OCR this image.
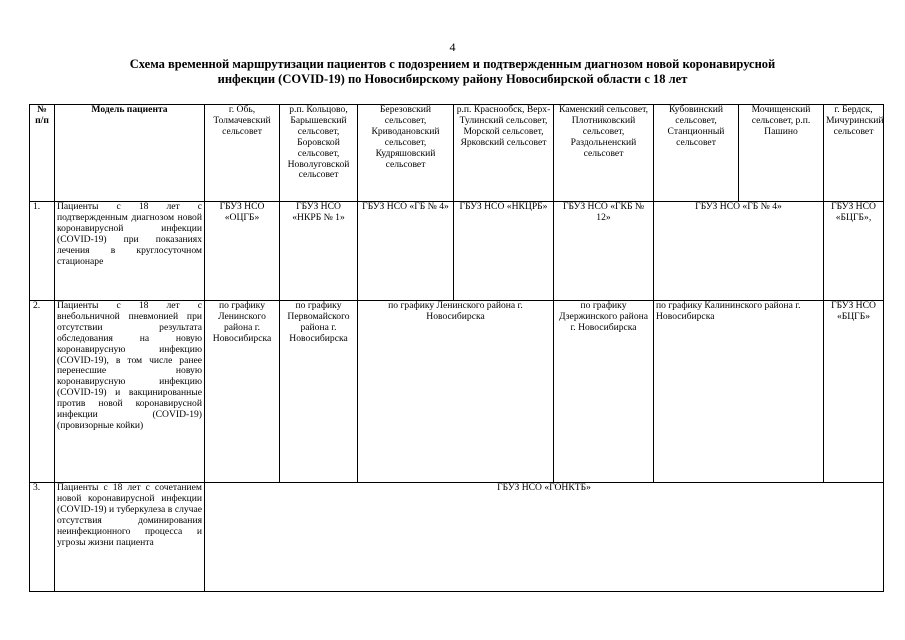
4
Схема временной маршрутизации пациентов с подозрением и подтвержденным диагнозом новой коронавирусной
инфекции (COVID-19) по Новосибирскому району Новосибирской области с 18 лет
№ п/п	Модель пациента	г. Обь, Толмачевский сельсовет	р.п. Кольцово, Барышевский сельсовет, Боровской сельсовет, Новолуговской сельсовет	Березовский сельсовет, Криводановский сельсовет, Кудряшовский сельсовет	р.п. Краснообск, Верх-Тулинский сельсовет, Морской сельсовет, Ярковский сельсовет	Каменский сельсовет, Плотниковский сельсовет, Раздольненский сельсовет	Кубовинский сельсовет, Станционный сельсовет	Мочищенский сельсовет, р.п. Пашино	г. Бердск, Мичуринский сельсовет
1.	Пациенты с 18 лет с подтвержденным диагнозом новой коронавирусной инфекции (COVID-19) при показаниях лечения в круглосуточном стационаре	ГБУЗ НСО «ОЦГБ»	ГБУЗ НСО «НКРБ № 1»	ГБУЗ НСО «ГБ № 4»	ГБУЗ НСО «НКЦРБ»	ГБУЗ НСО «ГКБ № 12»	ГБУЗ НСО «ГБ № 4»		ГБУЗ НСО «БЦГБ»,
2.	Пациенты с 18 лет с внебольничной пневмонией при отсутствии результата обследования на новую коронавирусную инфекцию (COVID-19), в том числе ранее перенесшие новую коронавирусную инфекцию (COVID-19) и вакцинированные против новой коронавирусной инфекции (COVID-19) (провизорные койки)	по графику Ленинского района г. Новосибирска	по графику Первомайского района г. Новосибирска	по графику Ленинского района г. Новосибирска		по графику Дзержинского района г. Новосибирска	по графику Калининского района г. Новосибирска		ГБУЗ НСО «БЦГБ»
3.	Пациенты с 18 лет с сочетанием новой коронавирусной инфекции (COVID-19) и туберкулеза в случае отсутствия доминирования неинфекционного процесса и угрозы жизни пациента	ГБУЗ НСО «ГОНКТБ»							
